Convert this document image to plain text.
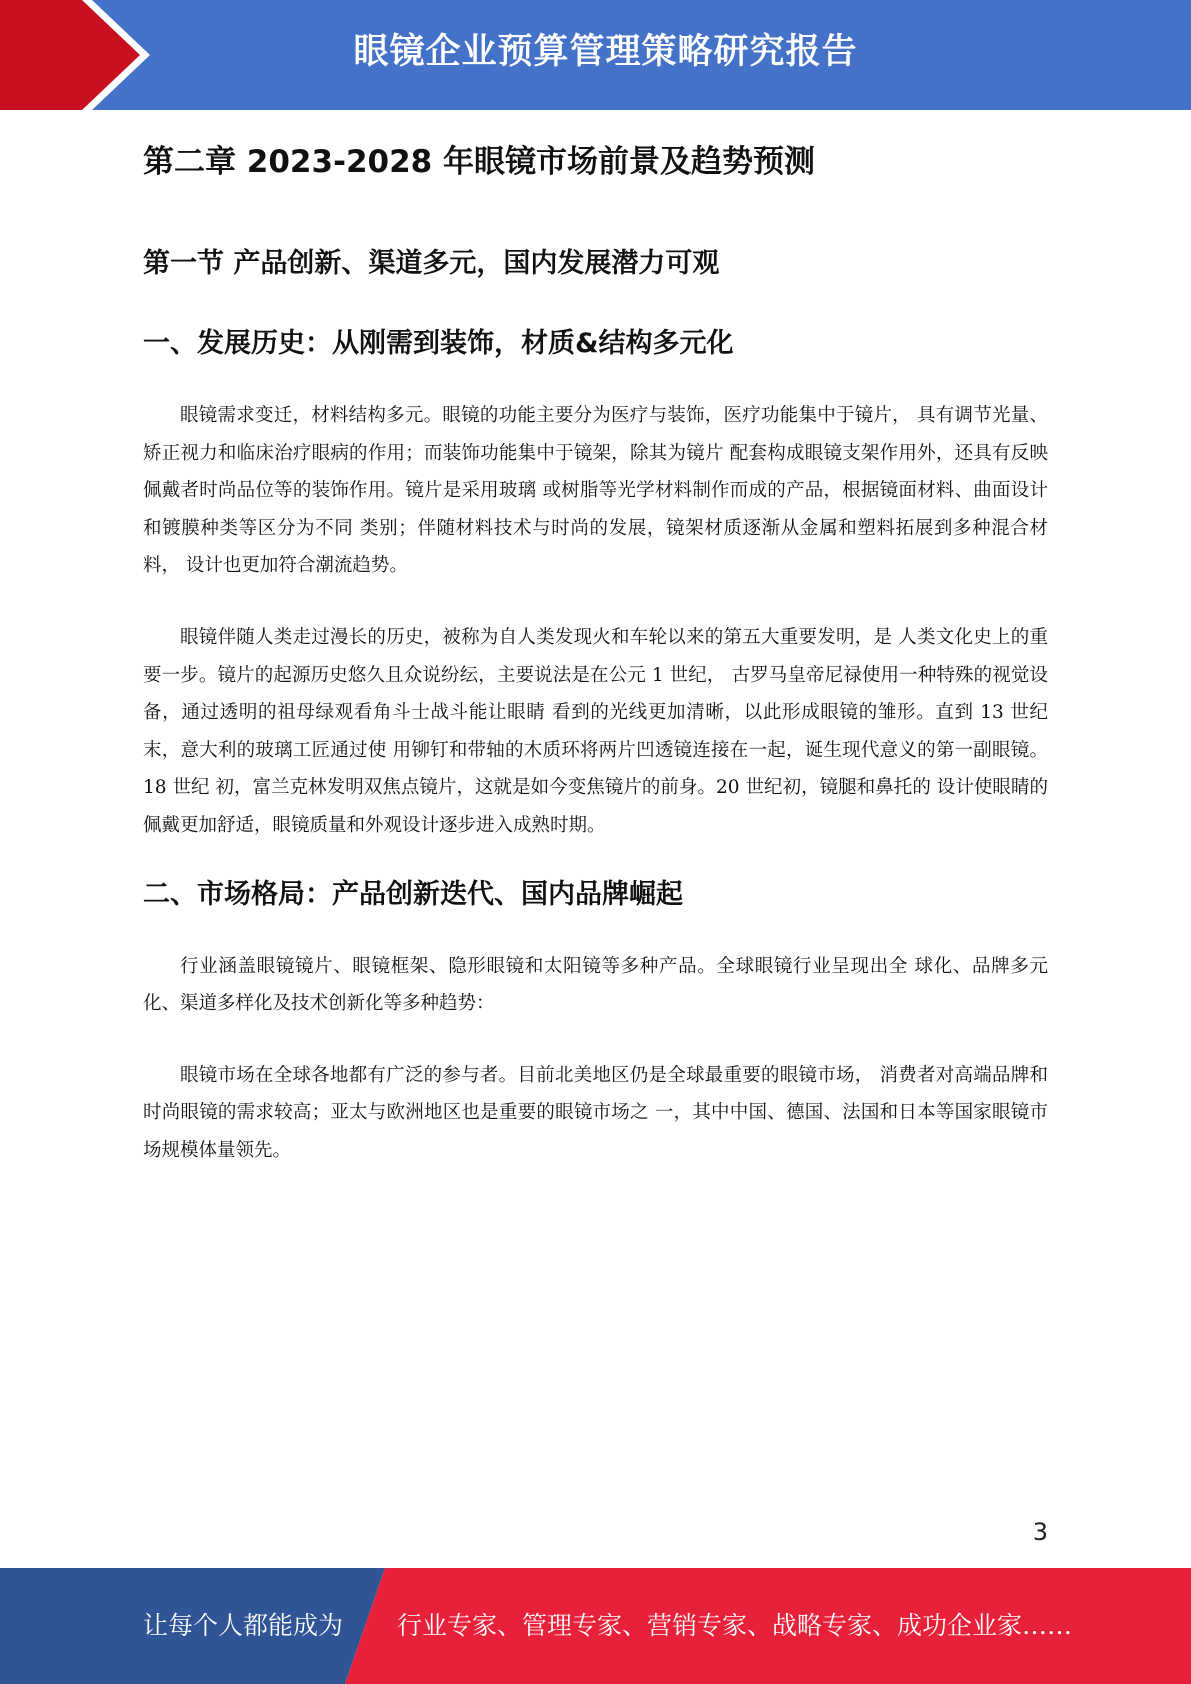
眼镜企业预算管理策略研究报告
第二章 2023-2028 年眼镜市场前景及趋势预测
第一节 产品创新、渠道多元，国内发展潜力可观
一、发展历史：从刚需到装饰，材质&结构多元化

眼镜需求变迁，材料结构多元。眼镜的功能主要分为医疗与装饰，医疗功能集中于镜片， 具有调节光量、矫正视力和临床治疗眼病的作用；而装饰功能集中于镜架，除其为镜片 配套构成眼镜支架作用外，还具有反映佩戴者时尚品位等的装饰作用。镜片是采用玻璃 或树脂等光学材料制作而成的产品，根据镜面材料、曲面设计和镀膜种类等区分为不同 类别；伴随材料技术与时尚的发展，镜架材质逐渐从金属和塑料拓展到多种混合材料， 设计也更加符合潮流趋势。

眼镜伴随人类走过漫长的历史，被称为自人类发现火和车轮以来的第五大重要发明，是 人类文化史上的重要一步。镜片的起源历史悠久且众说纷纭，主要说法是在公元 1 世纪， 古罗马皇帝尼禄使用一种特殊的视觉设备，通过透明的祖母绿观看角斗士战斗能让眼睛 看到的光线更加清晰，以此形成眼镜的雏形。直到 13 世纪末，意大利的玻璃工匠通过使 用铆钉和带轴的木质环将两片凹透镜连接在一起，诞生现代意义的第一副眼镜。18 世纪 初，富兰克林发明双焦点镜片，这就是如今变焦镜片的前身。20 世纪初，镜腿和鼻托的 设计使眼睛的佩戴更加舒适，眼镜质量和外观设计逐步进入成熟时期。

二、市场格局：产品创新迭代、国内品牌崛起

行业涵盖眼镜镜片、眼镜框架、隐形眼镜和太阳镜等多种产品。全球眼镜行业呈现出全 球化、品牌多元化、渠道多样化及技术创新化等多种趋势：

眼镜市场在全球各地都有广泛的参与者。目前北美地区仍是全球最重要的眼镜市场， 消费者对高端品牌和时尚眼镜的需求较高；亚太与欧洲地区也是重要的眼镜市场之 一，其中中国、德国、法国和日本等国家眼镜市场规模体量领先。

3
让每个人都能成为 行业专家、管理专家、营销专家、战略专家、成功企业家……
